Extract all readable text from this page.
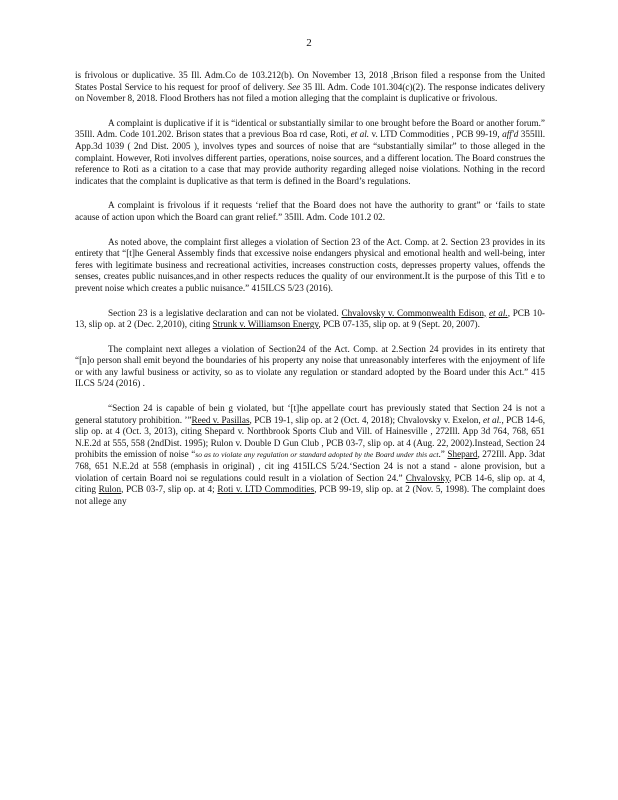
2

is frivolous or duplicative. 35 Ill. Adm.Co de 103.212(b). On November 13, 2018 ,Brison filed a response from the United States Postal Service to his request for proof of delivery. See 35 Ill. Adm. Code 101.304(c)(2). The response indicates delivery on November 8, 2018. Flood Brothers has not filed a motion alleging that the complaint is duplicative or frivolous.

A complaint is duplicative if it is “identical or substantially similar to one brought before the Board or another forum.” 35Ill. Adm. Code 101.202. Brison states that a previous Boa rd case, Roti, et al. v. LTD Commodities , PCB 99-19, aff'd 355Ill. App.3d 1039 ( 2nd Dist. 2005 ), involves types and sources of noise that are “substantially similar” to those alleged in the complaint. However, Roti involves different parties, operations, noise sources, and a different location. The Board construes the reference to Roti as a citation to a case that may provide authority regarding alleged noise violations. Nothing in the record indicates that the complaint is duplicative as that term is defined in the Board’s regulations.

A complaint is frivolous if it requests ‘relief that the Board does not have the authority to grant” or ‘fails to state acause of action upon which the Board can grant relief.” 35Ill. Adm. Code 101.2 02.

As noted above, the complaint first alleges a violation of Section 23 of the Act. Comp. at 2. Section 23 provides in its entirety that “[t]he General Assembly finds that excessive noise endangers physical and emotional health and well-being, inter feres with legitimate business and recreational activities, increases construction costs, depresses property values, offends the senses, creates public nuisances,and in other respects reduces the quality of our environment.It is the purpose of this Titl e to prevent noise which creates a public nuisance.” 415ILCS 5/23 (2016).

Section 23 is a legislative declaration and can not be violated. Chvalovsky v. Commonwealth Edison, et al., PCB 10-13, slip op. at 2 (Dec. 2,2010), citing Strunk v. Williamson Energy, PCB 07-135, slip op. at 9 (Sept. 20, 2007).

The complaint next alleges a violation of Section24 of the Act. Comp. at 2.Section 24 provides in its entirety that “[n]o person shall emit beyond the boundaries of his property any noise that unreasonably interferes with the enjoyment of life or with any lawful business or activity, so as to violate any regulation or standard adopted by the Board under this Act.” 415 ILCS 5/24 (2016) .

“Section 24 is capable of bein g violated, but ‘[t]he appellate court has previously stated that Section 24 is not a general statutory prohibition. ’”Reed v. Pasillas, PCB 19-1, slip op. at 2 (Oct. 4, 2018); Chvalovsky v. Exelon, et al., PCB 14-6, slip op. at 4 (Oct. 3, 2013), citing Shepard v. Northbrook Sports Club and Vill. of Hainesville , 272Ill. App 3d 764, 768, 651 N.E.2d at 555, 558 (2ndDist. 1995); Rulon v. Double D Gun Club , PCB 03-7, slip op. at 4 (Aug. 22, 2002).Instead, Section 24 prohibits the emission of noise “so as to violate any regulation or standard adopted by the Board under this act.” Shepard, 272Ill. App. 3dat 768, 651 N.E.2d at 558 (emphasis in original) , cit ing 415ILCS 5/24.‘Section 24 is not a stand - alone provision, but a violation of certain Board noi se regulations could result in a violation of Section 24.” Chvalovsky, PCB 14-6, slip op. at 4, citing Rulon, PCB 03-7, slip op. at 4; Roti v. LTD Commodities, PCB 99-19, slip op. at 2 (Nov. 5, 1998). The complaint does not allege any
